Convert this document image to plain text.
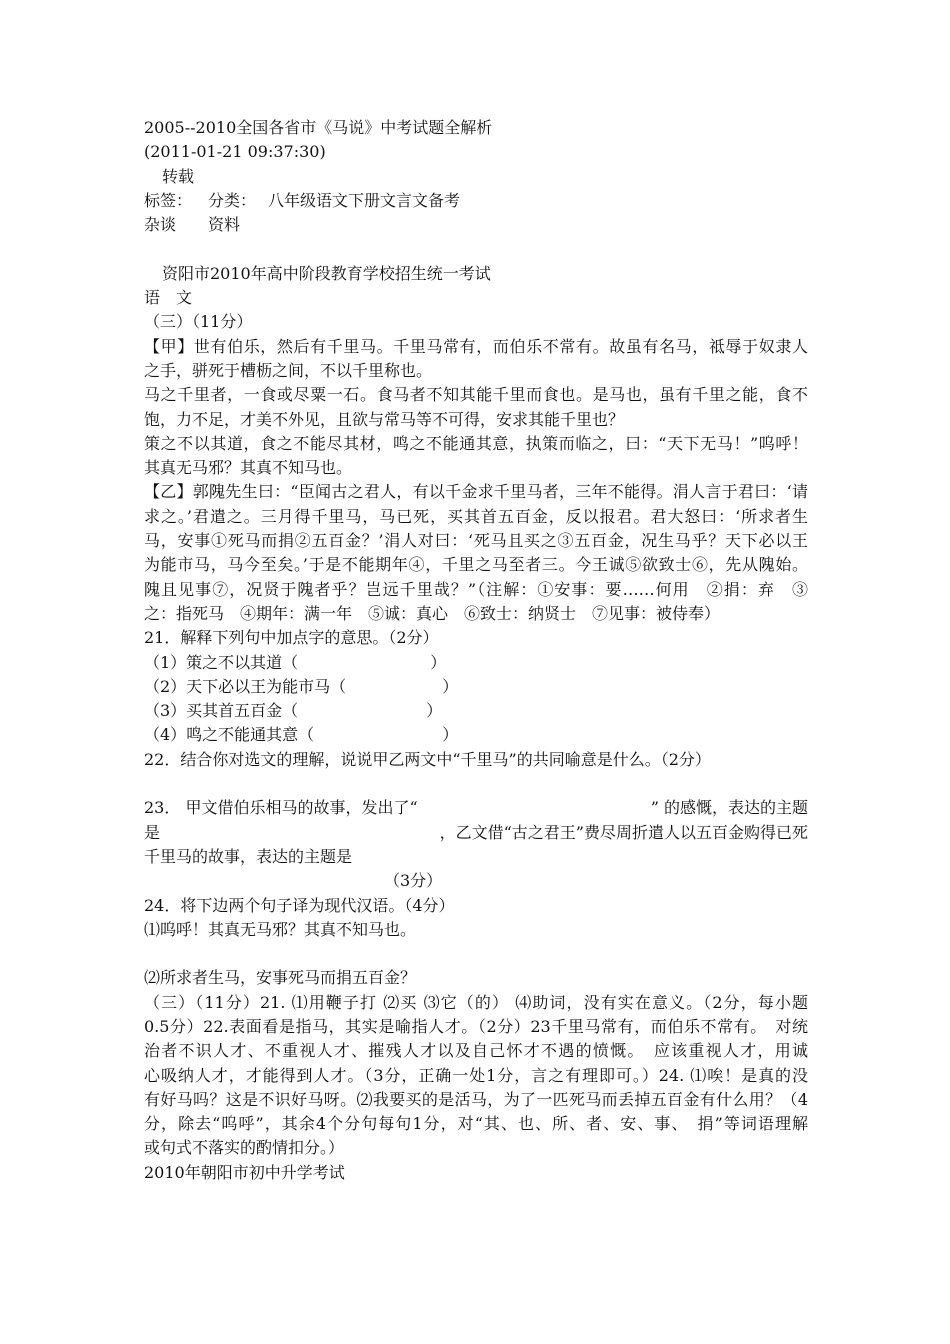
2005--2010全国各省市《马说》中考试题全解析
(2011-01-21 09:37:30)
转载
标签： 分类： 八年级语文下册文言文备考
杂谈 资料
资阳市2010年高中阶段教育学校招生统一考试
语　文
（三）（11分）
【甲】世有伯乐，然后有千里马。千里马常有，而伯乐不常有。故虽有名马，祗辱于奴隶人
之手，骈死于槽枥之间，不以千里称也。
马之千里者，一食或尽粟一石。食马者不知其能千里而食也。是马也，虽有千里之能，食不
饱，力不足，才美不外见，且欲与常马等不可得，安求其能千里也？
策之不以其道，食之不能尽其材，鸣之不能通其意，执策而临之，曰：“天下无马！”呜呼！
其真无马邪？其真不知马也。
【乙】郭隗先生曰：“臣闻古之君人，有以千金求千里马者，三年不能得。涓人言于君曰：‘请
求之。’君遣之。三月得千里马，马已死，买其首五百金，反以报君。君大怒曰：‘所求者生
马，安事①死马而捐②五百金？’涓人对曰：‘死马且买之③五百金，况生马乎？天下必以王
为能市马，马今至矣。’于是不能期年④，千里之马至者三。今王诚⑤欲致士⑥，先从隗始。
隗且见事⑦，况贤于隗者乎？岂远千里哉？”（注解：①安事：要……何用　②捐：弃　③
之：指死马　④期年：满一年　⑤诚：真心　⑥致士：纳贤士　⑦见事：被侍奉）
21．解释下列句中加点字的意思。（2分）
（1）策之不以其道（	）
（2）天下必以王为能市马（	）
（3）买其首五百金（	）
（4）鸣之不能通其意（	）
22．结合你对选文的理解，说说甲乙两文中“千里马”的共同喻意是什么。（2分）
23． 甲文借伯乐相马的故事，发出了“	” 的感慨，表达的主题
是	，乙文借“古之君王”费尽周折遣人以五百金购得已死
千里马的故事，表达的主题是
（3分）
24．将下边两个句子译为现代汉语。（4分）
⑴呜呼！其真无马邪？其真不知马也。
⑵所求者生马，安事死马而捐五百金？
（三）（11分）21. ⑴用鞭子打 ⑵买 ⑶它（的） ⑷助词，没有实在意义。（2分，每小题
0.5分）22.表面看是指马，其实是喻指人才。（2分）23千里马常有，而伯乐不常有。　对统
治者不识人才、不重视人才、摧残人才以及自己怀才不遇的愤慨。　应该重视人才，用诚
心吸纳人才，才能得到人才。（3分，正确一处1分，言之有理即可。）24. ⑴唉！是真的没
有好马吗？这是不识好马呀。⑵我要买的是活马，为了一匹死马而丢掉五百金有什么用？（4
分，除去“呜呼”，其余4个分句每句1分，对“其、也、所、者、安、事、　捐”等词语理解
或句式不落实的酌情扣分。）
2010年朝阳市初中升学考试
